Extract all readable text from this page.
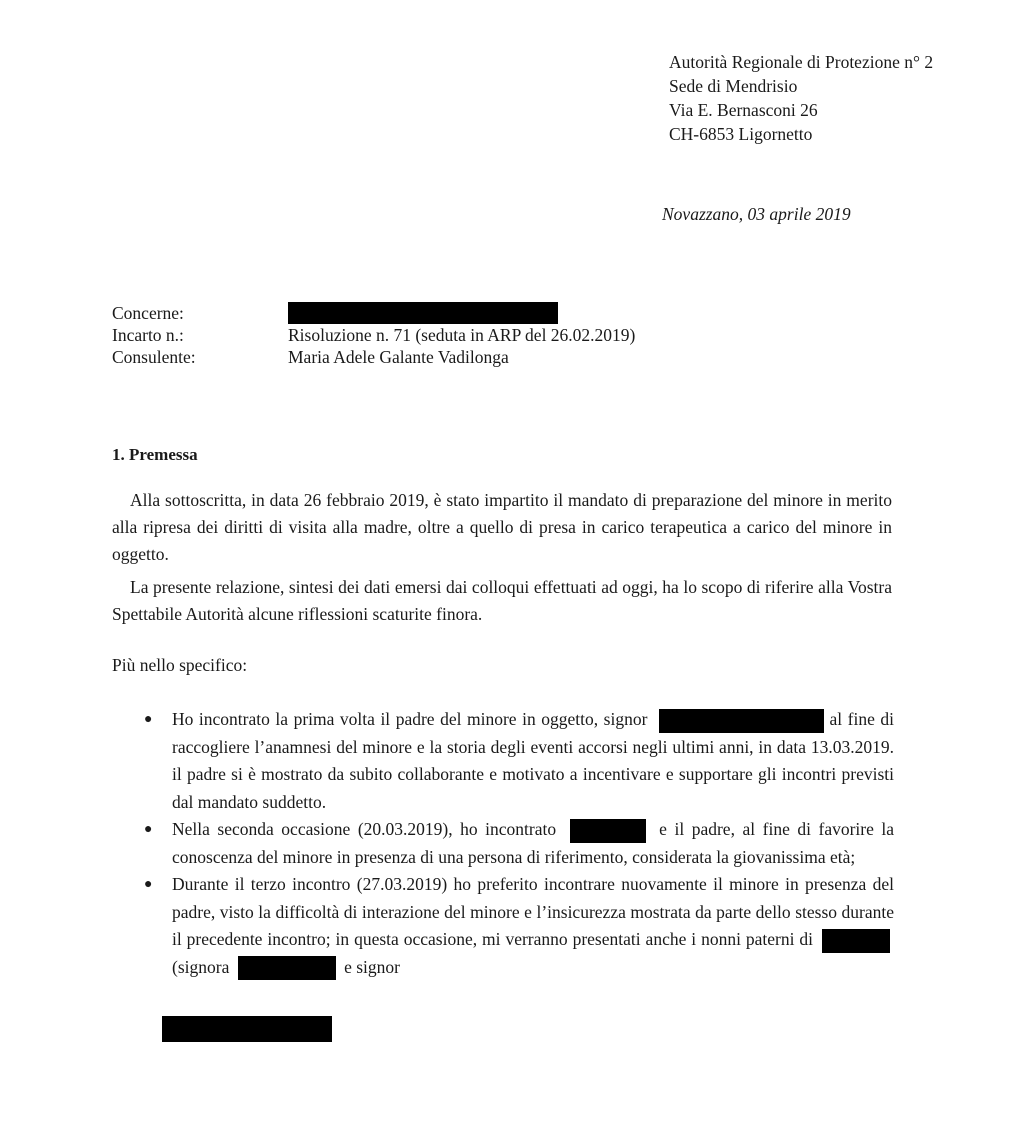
Autorità Regionale di Protezione n° 2
Sede di Mendrisio
Via E. Bernasconi 26
CH-6853 Ligornetto
Novazzano, 03 aprile 2019
Concerne:
Incarto n.:	Risoluzione n. 71 (seduta in ARP del 26.02.2019)
Consulente:	Maria Adele Galante Vadilonga
1. Premessa
Alla sottoscritta, in data 26 febbraio 2019, è stato impartito il mandato di preparazione del minore in merito alla ripresa dei diritti di visita alla madre, oltre a quello di presa in carico terapeutica a carico del minore in oggetto.
La presente relazione, sintesi dei dati emersi dai colloqui effettuati ad oggi, ha lo scopo di riferire alla Vostra Spettabile Autorità alcune riflessioni scaturite finora.
Più nello specifico:
● Ho incontrato la prima volta il padre del minore in oggetto, signor	al fine di raccogliere l’anamnesi del minore e la storia degli eventi accorsi negli ultimi anni, in data 13.03.2019. il padre si è mostrato da subito collaborante e motivato a incentivare e supportare gli incontri previsti dal mandato suddetto.
● Nella seconda occasione (20.03.2019), ho incontrato	e il padre, al fine di favorire la conoscenza del minore in presenza di una persona di riferimento, considerata la giovanissima età;
● Durante il terzo incontro (27.03.2019) ho preferito incontrare nuovamente il minore in presenza del padre, visto la difficoltà di interazione del minore e l’insicurezza mostrata da parte dello stesso durante il precedente incontro; in questa occasione, mi verranno presentati anche i nonni paterni di  (signora	e signor
